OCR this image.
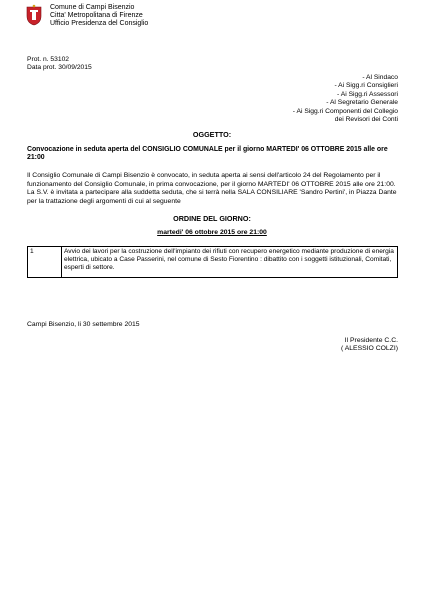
Comune di Campi Bisenzio
Citta' Metropolitana di Firenze
Ufficio Presidenza del Consiglio
Prot. n. 53102
Data prot. 30/09/2015
- Al Sindaco
- Ai Sigg.ri Consiglieri
- Ai Sigg.ri Assessori
- Al Segretario Generale
- Ai Sigg.ri Componenti del Collegio
dei Revisori dei Conti
OGGETTO:
Convocazione in seduta aperta del CONSIGLIO COMUNALE per il giorno MARTEDI' 06 OTTOBRE 2015 alle ore 21:00
Il Consiglio Comunale di Campi Bisenzio è convocato, in seduta aperta ai sensi dell'articolo 24 del Regolamento per il funzionamento del Consiglio Comunale, in prima convocazione, per il giorno MARTEDI' 06 OTTOBRE 2015 alle ore 21:00. La S.V. è invitata a partecipare alla suddetta seduta, che si terrà nella SALA CONSILIARE 'Sandro Pertini', in Piazza Dante per la trattazione degli argomenti di cui al seguente
ORDINE DEL GIORNO:
martedi' 06 ottobre 2015 ore 21:00
1	Avvio dei lavori per la costruzione dell'impianto dei rifiuti con recupero energetico mediante produzione di energia elettrica, ubicato a Case Passerini, nel comune di Sesto Fiorentino : dibattito con i soggetti istituzionali, Comitati, esperti di settore.
Campi Bisenzio, li 30 settembre 2015
Il Presidente C.C.
( ALESSIO COLZI)
